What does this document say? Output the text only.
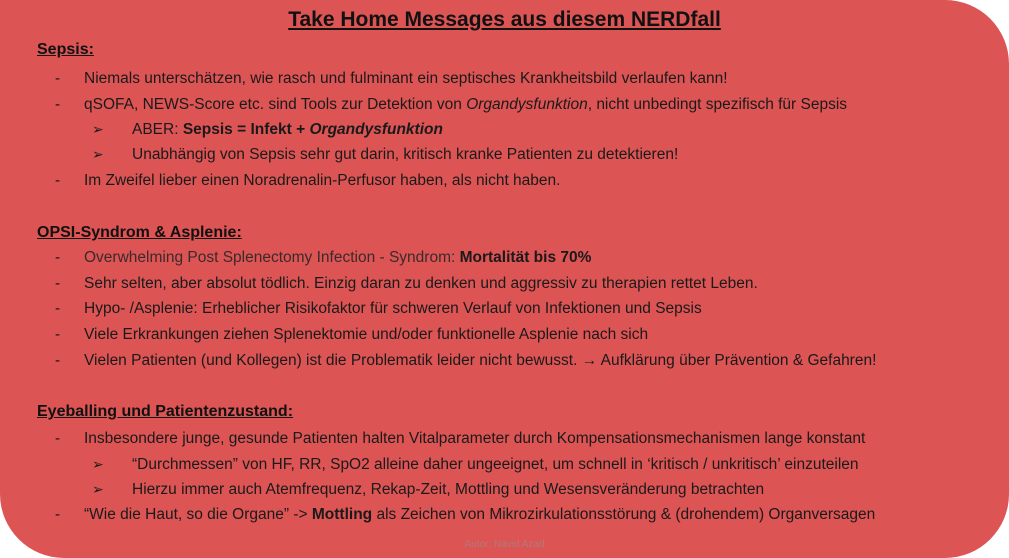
Take Home Messages aus diesem NERDfall
Sepsis:
- Niemals unterschätzen, wie rasch und fulminant ein septisches Krankheitsbild verlaufen kann!
- qSOFA, NEWS-Score etc. sind Tools zur Detektion von Organdysfunktion, nicht unbedingt spezifisch für Sepsis
➢ ABER: Sepsis = Infekt + Organdysfunktion
➢ Unabhängig von Sepsis sehr gut darin, kritisch kranke Patienten zu detektieren!
- Im Zweifel lieber einen Noradrenalin-Perfusor haben, als nicht haben.
OPSI-Syndrom & Asplenie:
- Overwhelming Post Splenectomy Infection - Syndrom: Mortalität bis 70%
- Sehr selten, aber absolut tödlich. Einzig daran zu denken und aggressiv zu therapien rettet Leben.
- Hypo- /Asplenie: Erheblicher Risikofaktor für schweren Verlauf von Infektionen und Sepsis
- Viele Erkrankungen ziehen Splenektomie und/oder funktionelle Asplenie nach sich
- Vielen Patienten (und Kollegen) ist die Problematik leider nicht bewusst. → Aufklärung über Prävention & Gefahren!
Eyeballing und Patientenzustand:
- Insbesondere junge, gesunde Patienten halten Vitalparameter durch Kompensationsmechanismen lange konstant
➢ “Durchmessen” von HF, RR, SpO2 alleine daher ungeeignet, um schnell in ‘kritisch / unkritisch’ einzuteilen
➢ Hierzu immer auch Atemfrequenz, Rekap-Zeit, Mottling und Wesensveränderung betrachten
- “Wie die Haut, so die Organe” -> Mottling als Zeichen von Mikrozirkulationsstörung & (drohendem) Organversagen
Autor: Navid Azad
